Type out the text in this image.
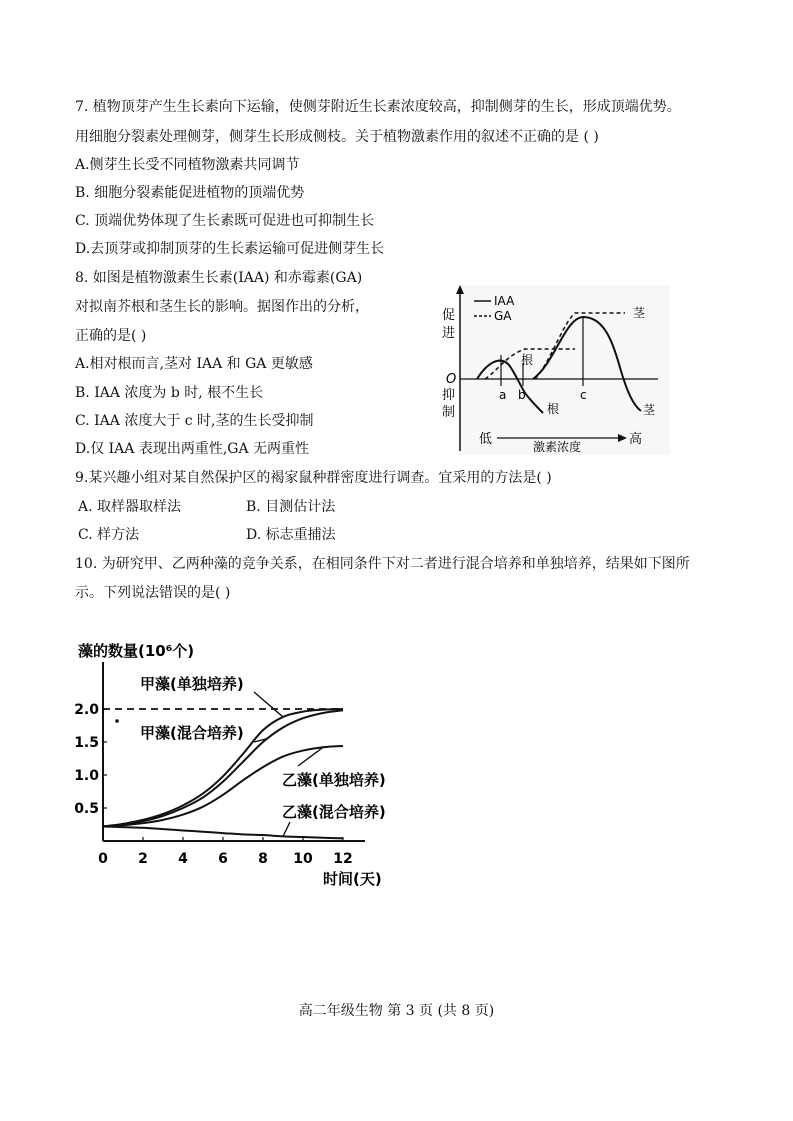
7. 植物顶芽产生生长素向下运输，使侧芽附近生长素浓度较高，抑制侧芽的生长，形成顶端优势。
用细胞分裂素处理侧芽，侧芽生长形成侧枝。关于植物激素作用的叙述不正确的是 ( )
A.侧芽生长受不同植物激素共同调节
B. 细胞分裂素能促进植物的顶端优势
C. 顶端优势体现了生长素既可促进也可抑制生长
D.去顶芽或抑制顶芽的生长素运输可促进侧芽生长
8. 如图是植物激素生长素(IAA) 和赤霉素(GA)
对拟南芥根和茎生长的影响。据图作出的分析，
正确的是( )
A.相对根而言,茎对 IAA 和 GA 更敏感
B. IAA 浓度为 b 时, 根不生长
C. IAA 浓度大于 c 时,茎的生长受抑制
D.仅 IAA 表现出两重性,GA 无两重性
IAA
GA
促
进
O
抑
制
a b	c
根
根
茎
茎
低	激素浓度	高
9.某兴趣小组对某自然保护区的褐家鼠种群密度进行调查。宜采用的方法是( )
A. 取样器取样法	B. 目测估计法
C. 样方法	D. 标志重捕法
10. 为研究甲、乙两种藻的竞争关系，在相同条件下对二者进行混合培养和单独培养，结果如下图所
示。下列说法错误的是( )
0 2 4 6 8 10 12
0.5
1.0
1.5
2.0
藻的数量(10⁶个)
时间(天)
甲藻(单独培养)
甲藻(混合培养)
乙藻(单独培养)
乙藻(混合培养)
高二年级生物 第 3 页 (共 8 页)
